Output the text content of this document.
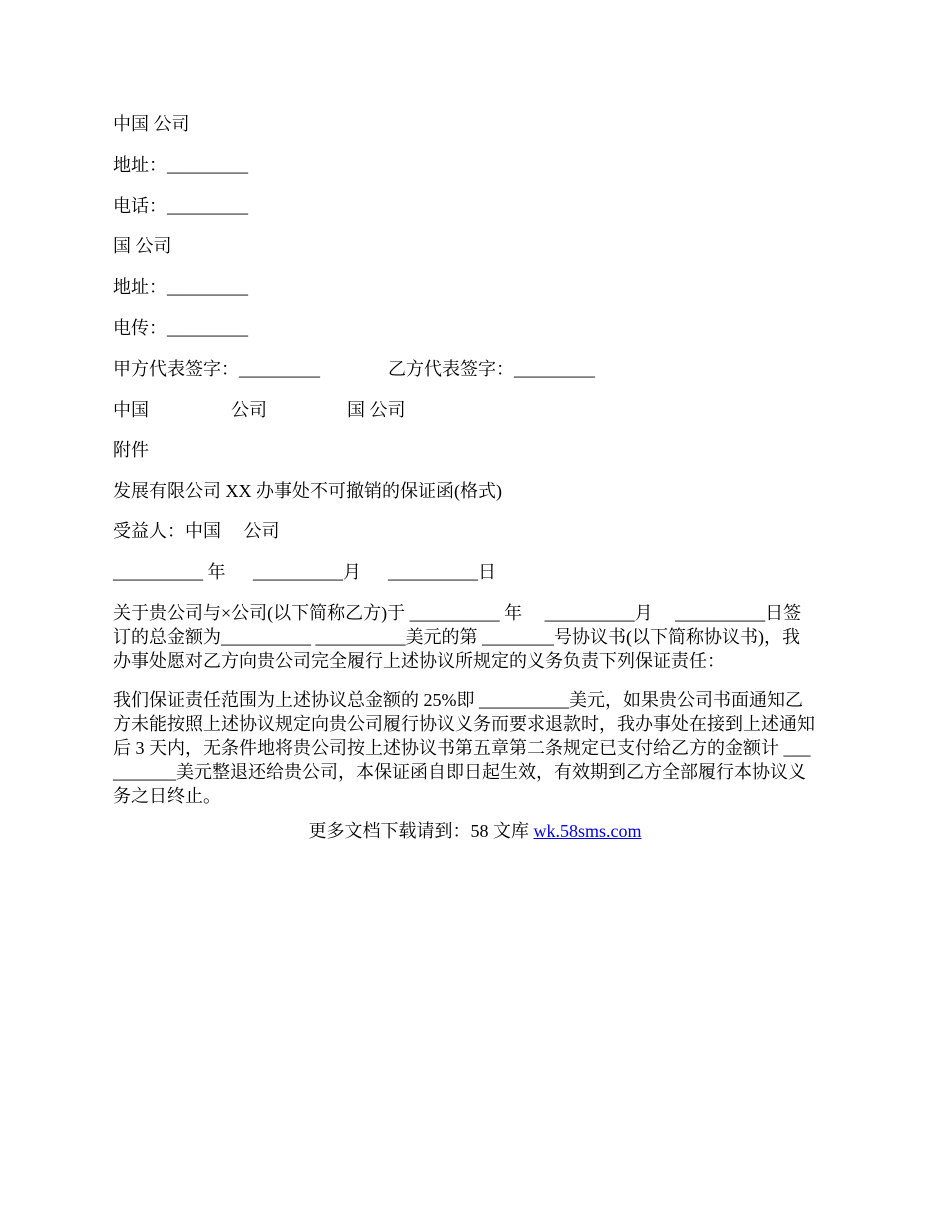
中国 公司
地址：_________
电话：_________
国 公司
地址：_________
电传：_________
甲方代表签字：_________	乙方代表签字：_________
中国	公司	国 公司
附件
发展有限公司 XX 办事处不可撤销的保证函(格式)
受益人：中国     公司
__________ 年 __________月 __________日
关于贵公司与×公司(以下简称乙方)于 __________ 年     __________月     __________日签
订的总金额为__________ __________美元的第 ________号协议书(以下简称协议书)，我
办事处愿对乙方向贵公司完全履行上述协议所规定的义务负责下列保证责任：
我们保证责任范围为上述协议总金额的 25%即 __________美元，如果贵公司书面通知乙
方未能按照上述协议规定向贵公司履行协议义务而要求退款时，我办事处在接到上述通知
后 3 天内，无条件地将贵公司按上述协议书第五章第二条规定已支付给乙方的金额计 ___
_______美元整退还给贵公司，本保证函自即日起生效，有效期到乙方全部履行本协议义
务之日终止。
更多文档下载请到：58 文库 wk.58sms.com
